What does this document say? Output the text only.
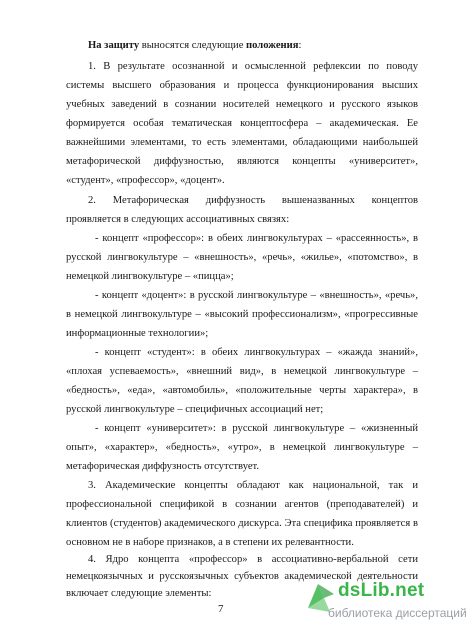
На защиту выносятся следующие положения:
1. В результате осознанной и осмысленной рефлексии по поводу
системы высшего образования и процесса функционирования высших
учебных заведений в сознании носителей немецкого и русского языков
формируется особая тематическая концептосфера – академическая. Ее
важнейшими элементами, то есть элементами, обладающими наибольшей
метафорической диффузностью, являются концепты «университет»,
«студент», «профессор», «доцент».
2. Метафорическая диффузность вышеназванных концептов
проявляется в следующих ассоциативных связях:
- концепт «профессор»: в обеих лингвокультурах – «рассеянность», в
русской лингвокультуре – «внешность», «речь», «жилье», «потомство», в
немецкой лингвокультуре – «пицца»;
- концепт «доцент»: в русской лингвокультуре – «внешность», «речь»,
в немецкой лингвокультуре – «высокий профессионализм», «прогрессивные
информационные технологии»;
- концепт «студент»: в обеих лингвокультурах – «жажда знаний»,
«плохая успеваемость», «внешний вид», в немецкой лингвокультуре –
«бедность», «еда», «автомобиль», «положительные черты характера», в
русской лингвокультуре – специфичных ассоциаций нет;
- концепт «университет»: в русской лингвокультуре – «жизненный
опыт», «характер», «бедность», «утро», в немецкой лингвокультуре –
метафорическая диффузность отсутствует.
3. Академические концепты обладают как национальной, так и
профессиональной спецификой в сознании агентов (преподавателей) и
клиентов (студентов) академического дискурса. Эта специфика проявляется в
основном не в наборе признаков, а в степени их релевантности.
4. Ядро концепта «профессор» в ассоциативно-вербальной сети
немецкоязычных и русскоязычных субъектов академической деятельности
включает следующие элементы:
7
dsLib.net
библиотека диссертаций
